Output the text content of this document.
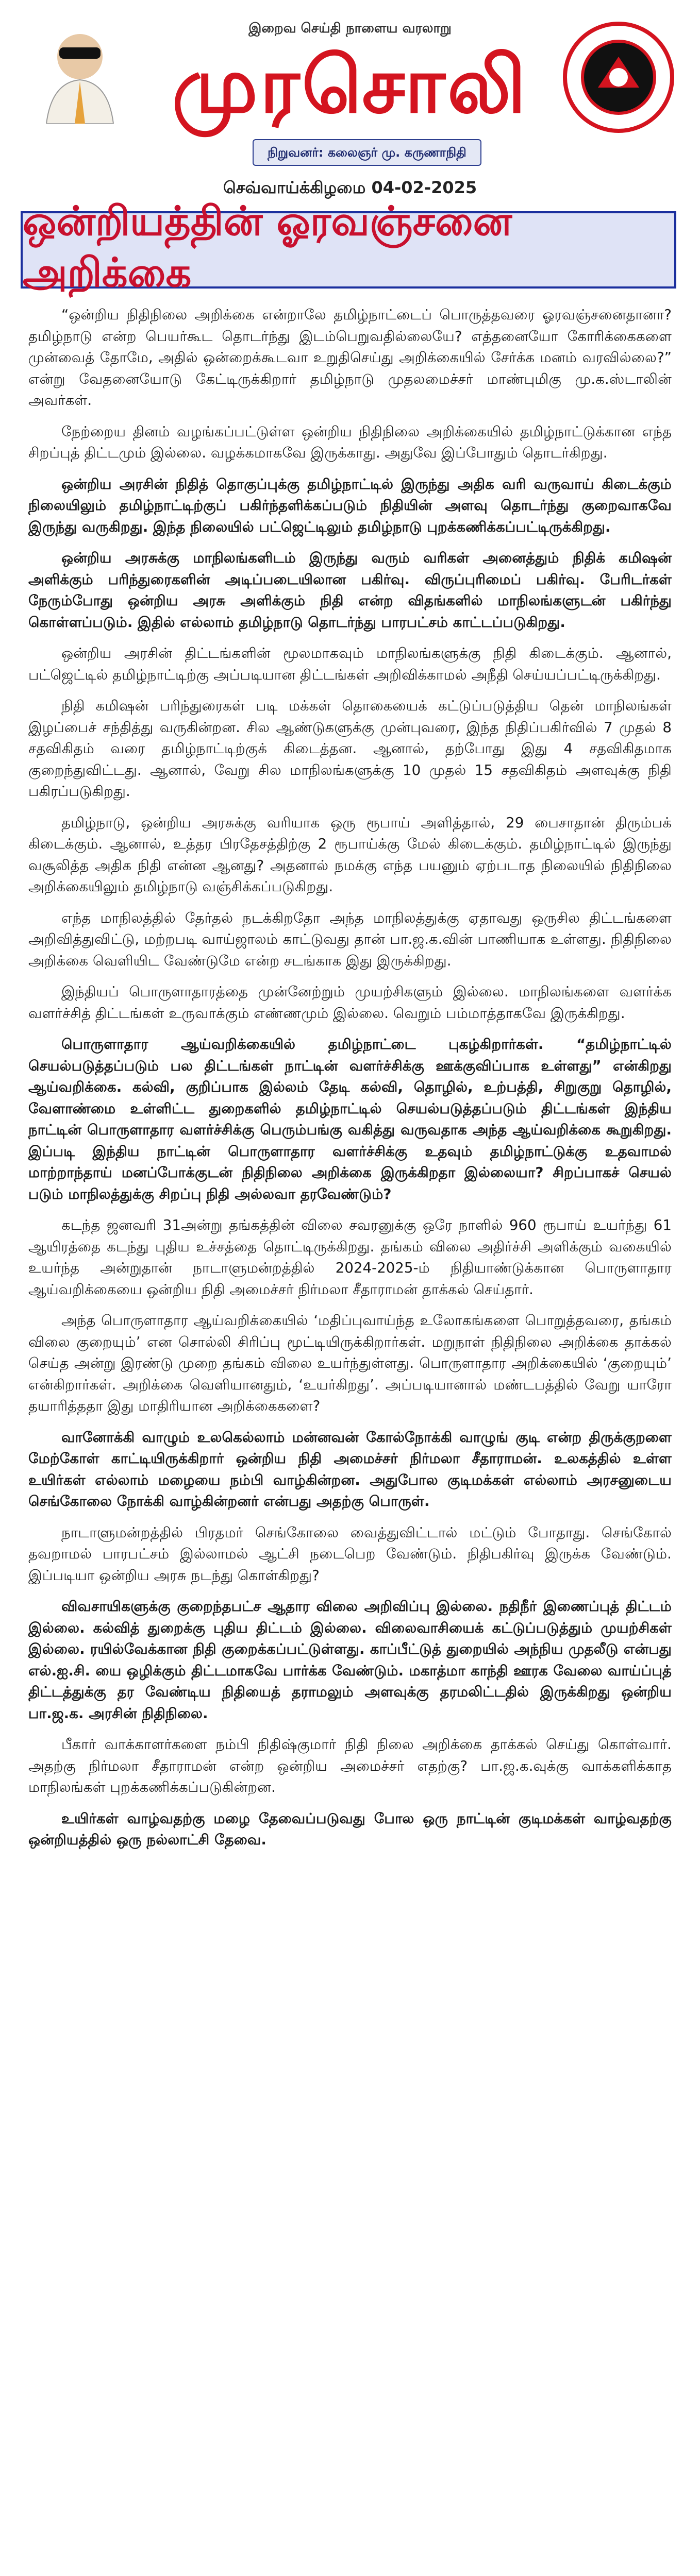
இறைவ செய்தி நாளைய வரலாறு
முரசொலி
நிறுவனர்: கலைஞர் மு. கருணாநிதி
செவ்வாய்க்கிழமை 04-02-2025
ஒன்றியத்தின் ஓரவஞ்சனை அறிக்கை

“ஒன்றிய நிதிநிலை அறிக்கை என்றாலே தமிழ்நாட்டைப் பொருத்தவரை ஓரவஞ்சனைதானா? தமிழ்நாடு என்ற பெயர்கூட தொடர்ந்து இடம்பெறுவதில்லையே? எத்தனையோ கோரிக்கைகளை முன்வைத் தோமே, அதில் ஒன்றைக்கூடவா உறுதிசெய்து அறிக்கையில் சேர்க்க மனம் வரவில்லை?” என்று வேதனையோடு கேட்டிருக்கிறார் தமிழ்நாடு முதலமைச்சர் மாண்புமிகு மு.க.ஸ்டாலின் அவர்கள்.

நேற்றைய தினம் வழங்கப்பட்டுள்ள ஒன்றிய நிதிநிலை அறிக்கையில் தமிழ்நாட்டுக்கான எந்த சிறப்புத் திட்டமும் இல்லை. வழக்கமாகவே இருக்காது. அதுவே இப்போதும் தொடர்கிறது.

ஒன்றிய அரசின் நிதித் தொகுப்புக்கு தமிழ்நாட்டில் இருந்து அதிக வரி வருவாய் கிடைக்கும் நிலையிலும் தமிழ்நாட்டிற்குப் பகிர்ந்தளிக்கப்படும் நிதியின் அளவு தொடர்ந்து குறைவாகவே இருந்து வருகிறது. இந்த நிலையில் பட்ஜெட்டிலும் தமிழ்நாடு புறக்கணிக்கப்பட்டிருக்கிறது.

ஒன்றிய அரசுக்கு மாநிலங்களிடம் இருந்து வரும் வரிகள் அனைத்தும் நிதிக் கமிஷன் அளிக்கும் பரிந்துரைகளின் அடிப்படையிலான பகிர்வு. விருப்புரிமைப் பகிர்வு. பேரிடர்கள் நேரும்போது ஒன்றிய அரசு அளிக்கும் நிதி என்ற விதங்களில் மாநிலங்களுடன் பகிர்ந்து கொள்ளப்படும். இதில் எல்லாம் தமிழ்நாடு தொடர்ந்து பாரபட்சம் காட்டப்படுகிறது.

ஒன்றிய அரசின் திட்டங்களின் மூலமாகவும் மாநிலங்களுக்கு நிதி கிடைக்கும். ஆனால், பட்ஜெட்டில் தமிழ்நாட்டிற்கு அப்படியான திட்டங்கள் அறிவிக்காமல் அநீதி செய்யப்பட்டிருக்கிறது.

நிதி கமிஷன் பரிந்துரைகள் படி மக்கள் தொகையைக் கட்டுப்படுத்திய தென் மாநிலங்கள் இழப்பைச் சந்தித்து வருகின்றன. சில ஆண்டுகளுக்கு முன்புவரை, இந்த நிதிப்பகிர்வில் 7 முதல் 8 சதவிகிதம் வரை தமிழ்நாட்டிற்குக் கிடைத்தன. ஆனால், தற்போது இது 4 சதவிகிதமாக குறைந்துவிட்டது. ஆனால், வேறு சில மாநிலங்களுக்கு 10 முதல் 15 சதவிகிதம் அளவுக்கு நிதி பகிரப்படுகிறது.

தமிழ்நாடு, ஒன்றிய அரசுக்கு வரியாக ஒரு ரூபாய் அளித்தால், 29 பைசாதான் திரும்பக் கிடைக்கும். ஆனால், உத்தர பிரதேசத்திற்கு 2 ரூபாய்க்கு மேல் கிடைக்கும். தமிழ்நாட்டில் இருந்து வசூலித்த அதிக நிதி என்ன ஆனது? அதனால் நமக்கு எந்த பயனும் ஏற்படாத நிலையில் நிதிநிலை அறிக்கையிலும் தமிழ்நாடு வஞ்சிக்கப்படுகிறது.

எந்த மாநிலத்தில் தேர்தல் நடக்கிறதோ அந்த மாநிலத்துக்கு ஏதாவது ஒருசில திட்டங்களை அறிவித்துவிட்டு, மற்றபடி வாய்ஜாலம் காட்டுவது தான் பா.ஜ.க.வின் பாணியாக உள்ளது. நிதிநிலை அறிக்கை வெளியிட வேண்டுமே என்ற சடங்காக இது இருக்கிறது.

இந்தியப் பொருளாதாரத்தை முன்னேற்றும் முயற்சிகளும் இல்லை. மாநிலங்களை வளர்க்க வளர்ச்சித் திட்டங்கள் உருவாக்கும் எண்ணமும் இல்லை. வெறும் பம்மாத்தாகவே இருக்கிறது.

பொருளாதார ஆய்வறிக்கையில் தமிழ்நாட்டை புகழ்கிறார்கள். “தமிழ்நாட்டில் செயல்படுத்தப்படும் பல திட்டங்கள் நாட்டின் வளர்ச்சிக்கு ஊக்குவிப்பாக உள்ளது” என்கிறது ஆய்வறிக்கை. கல்வி, குறிப்பாக இல்லம் தேடி கல்வி, தொழில், உற்பத்தி, சிறுகுறு தொழில், வேளாண்மை உள்ளிட்ட துறைகளில் தமிழ்நாட்டில் செயல்படுத்தப்படும் திட்டங்கள் இந்திய நாட்டின் பொருளாதார வளர்ச்சிக்கு பெரும்பங்கு வகித்து வருவதாக அந்த ஆய்வறிக்கை கூறுகிறது. இப்படி இந்திய நாட்டின் பொருளாதார வளர்ச்சிக்கு உதவும் தமிழ்நாட்டுக்கு உதவாமல் மாற்றாந்தாய் மனப்போக்குடன் நிதிநிலை அறிக்கை இருக்கிறதா இல்லையா? சிறப்பாகச் செயல் படும் மாநிலத்துக்கு சிறப்பு நிதி அல்லவா தரவேண்டும்?

கடந்த ஜனவரி 31அன்று தங்கத்தின் விலை சவரனுக்கு ஒரே நாளில் 960 ரூபாய் உயர்ந்து 61 ஆயிரத்தை கடந்து புதிய உச்சத்தை தொட்டிருக்கிறது. தங்கம் விலை அதிர்ச்சி அளிக்கும் வகையில் உயர்ந்த அன்றுதான் நாடாளுமன்றத்தில் 2024-2025-ம் நிதியாண்டுக்கான பொருளாதார ஆய்வறிக்கையை ஒன்றிய நிதி அமைச்சர் நிர்மலா சீதாராமன் தாக்கல் செய்தார்.

அந்த பொருளாதார ஆய்வறிக்கையில் ‘மதிப்புவாய்ந்த உலோகங்களை பொறுத்தவரை, தங்கம் விலை குறையும்’ என சொல்லி சிரிப்பு மூட்டியிருக்கிறார்கள். மறுநாள் நிதிநிலை அறிக்கை தாக்கல் செய்த அன்று இரண்டு முறை தங்கம் விலை உயர்ந்துள்ளது. பொருளாதார அறிக்கையில் ‘குறையும்’ என்கிறார்கள். அறிக்கை வெளியானதும், ‘உயர்கிறது’. அப்படியானால் மண்டபத்தில் வேறு யாரோ தயாரித்ததா இது மாதிரியான அறிக்கைகளை?

வானோக்கி வாழும் உலகெல்லாம் மன்னவன் கோல்நோக்கி வாழுங் குடி என்ற திருக்குறளை மேற்கோள் காட்டியிருக்கிறார் ஒன்றிய நிதி அமைச்சர் நிர்மலா சீதாராமன். உலகத்தில் உள்ள உயிர்கள் எல்லாம் மழையை நம்பி வாழ்கின்றன. அதுபோல குடிமக்கள் எல்லாம் அரசனுடைய செங்கோலை நோக்கி வாழ்கின்றனர் என்பது அதற்கு பொருள்.

நாடாளுமன்றத்தில் பிரதமர் செங்கோலை வைத்துவிட்டால் மட்டும் போதாது. செங்கோல் தவறாமல் பாரபட்சம் இல்லாமல் ஆட்சி நடைபெற வேண்டும். நிதிபகிர்வு இருக்க வேண்டும். இப்படியா ஒன்றிய அரசு நடந்து கொள்கிறது?

விவசாயிகளுக்கு குறைந்தபட்ச ஆதார விலை அறிவிப்பு இல்லை. நதிநீர் இணைப்புத் திட்டம் இல்லை. கல்வித் துறைக்கு புதிய திட்டம் இல்லை. விலைவாசியைக் கட்டுப்படுத்தும் முயற்சிகள் இல்லை. ரயில்வேக்கான நிதி குறைக்கப்பட்டுள்ளது. காப்பீட்டுத் துறையில் அந்நிய முதலீடு என்பது எல்.ஐ.சி. யை ஒழிக்கும் திட்டமாகவே பார்க்க வேண்டும். மகாத்மா காந்தி ஊரக வேலை வாய்ப்புத் திட்டத்துக்கு தர வேண்டிய நிதியைத் தராமலும் அளவுக்கு தரமலிட்டதில் இருக்கிறது ஒன்றிய பா.ஜ.க. அரசின் நிதிநிலை.

பீகார் வாக்காளர்களை நம்பி நிதிஷ்குமார் நிதி நிலை அறிக்கை தாக்கல் செய்து கொள்வார். அதற்கு நிர்மலா சீதாராமன் என்ற ஒன்றிய அமைச்சர் எதற்கு? பா.ஜ.க.வுக்கு வாக்களிக்காத மாநிலங்கள் புறக்கணிக்கப்படுகின்றன.

உயிர்கள் வாழ்வதற்கு மழை தேவைப்படுவது போல ஒரு நாட்டின் குடிமக்கள் வாழ்வதற்கு ஒன்றியத்தில் ஒரு நல்லாட்சி தேவை.
